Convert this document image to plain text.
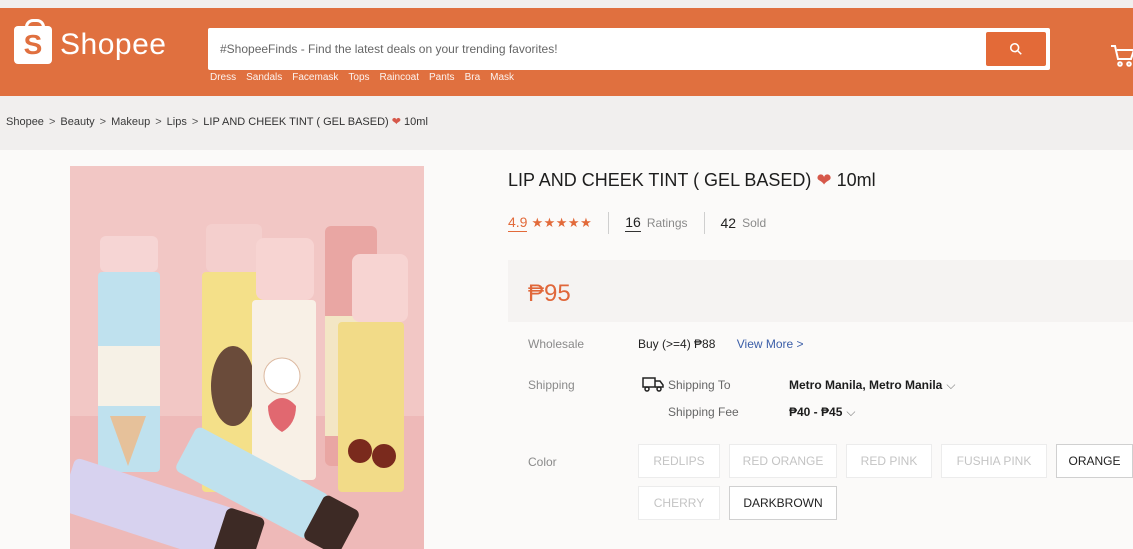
S Shopee
#ShopeeFinds - Find the latest deals on your trending favorites!
Dress Sandals Facemask Tops Raincoat Pants Bra Mask
Shopee > Beauty > Makeup > Lips > LIP AND CHEEK TINT ( GEL BASED) ❤ 10ml
LIP AND CHEEK TINT ( GEL BASED) ❤ 10ml
4.9 ★★★★★ 16 Ratings 42 Sold
₱95
Wholesale	Buy (>=4) ₱88 View More >
Shipping	Shipping To	Metro Manila, Metro Manila ⌵
Shipping Fee	₱40 - ₱45 ⌵
Color	REDLIPS	RED ORANGE	RED PINK	FUSHIA PINK	ORANGE
CHERRY	DARKBROWN
